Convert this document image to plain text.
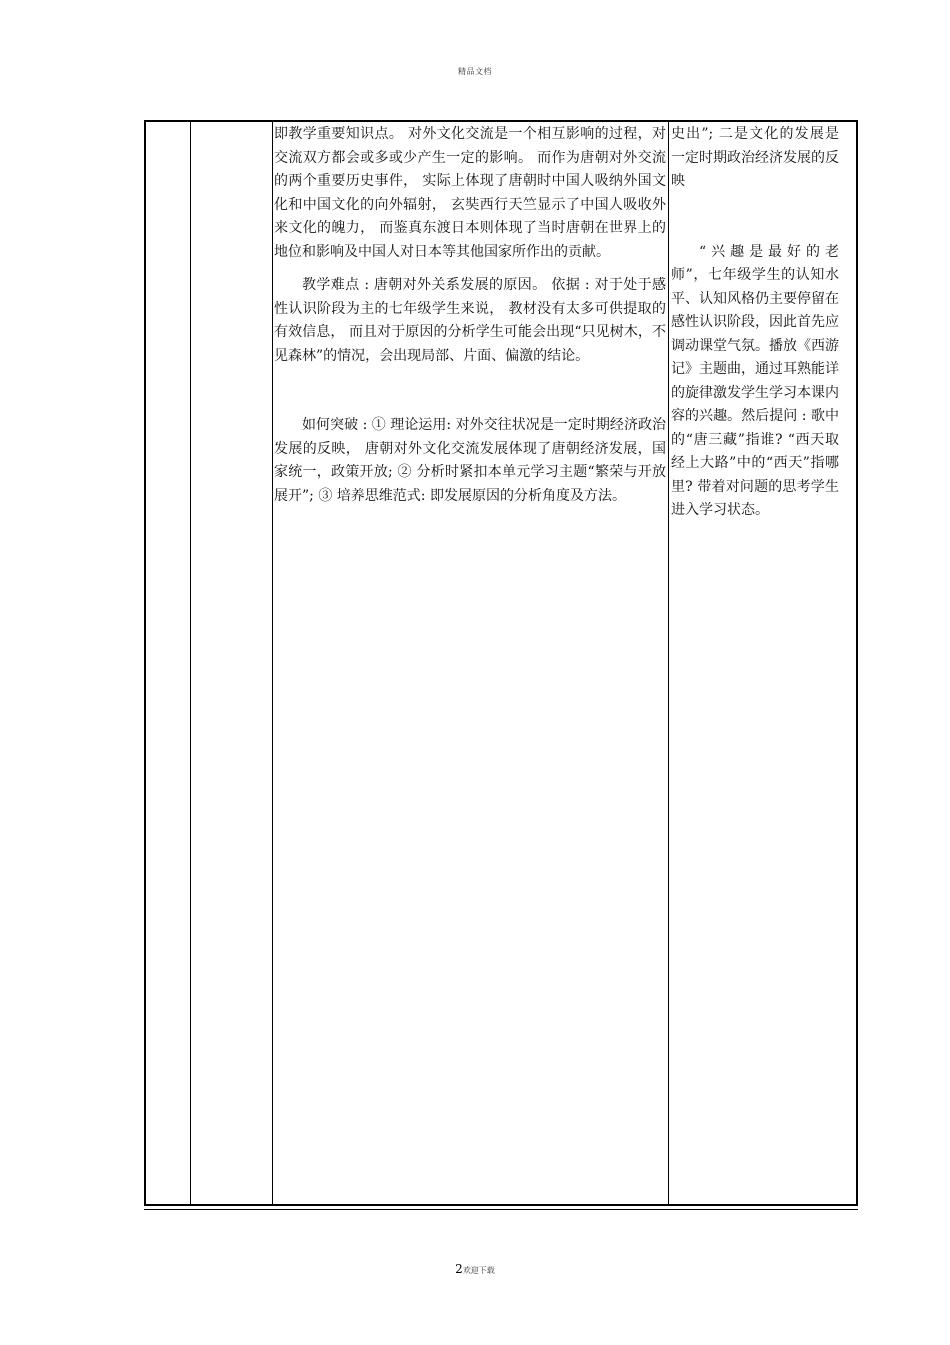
精品文档

即教学重要知识点。 对外文化交流是一个相互影响的过程，对交流双方都会或多或少产生一定的影响。 而作为唐朝对外交流的两个重要历史事件， 实际上体现了唐朝时中国人吸纳外国文化和中国文化的向外辐射， 玄奘西行天竺显示了中国人吸收外来文化的魄力， 而鉴真东渡日本则体现了当时唐朝在世界上的地位和影响及中国人对日本等其他国家所作出的贡献。

教学难点 : 唐朝对外关系发展的原因。 依据 : 对于处于感性认识阶段为主的七年级学生来说， 教材没有太多可供提取的有效信息， 而且对于原因的分析学生可能会出现“只见树木，不见森林”的情况，会出现局部、片面、偏激的结论。

如何突破 : ① 理论运用: 对外交往状况是一定时期经济政治发展的反映， 唐朝对外文化交流发展体现了唐朝经济发展，国家统一，政策开放; ② 分析时紧扣本单元学习主题“繁荣与开放展开”; ③ 培养思维范式: 即发展原因的分析角度及方法。

史出”; 二是文化的发展是一定时期政治经济发展的反映

“兴趣是最好的老师”，七年级学生的认知水平、认知风格仍主要停留在感性认识阶段，因此首先应调动课堂气氛。播放《西游记》主题曲，通过耳熟能详的旋律激发学生学习本课内容的兴趣。然后提问 : 歌中的“唐三藏”指谁? “西天取经上大路”中的“西天”指哪里? 带着对问题的思考学生进入学习状态。

2欢迎下载
